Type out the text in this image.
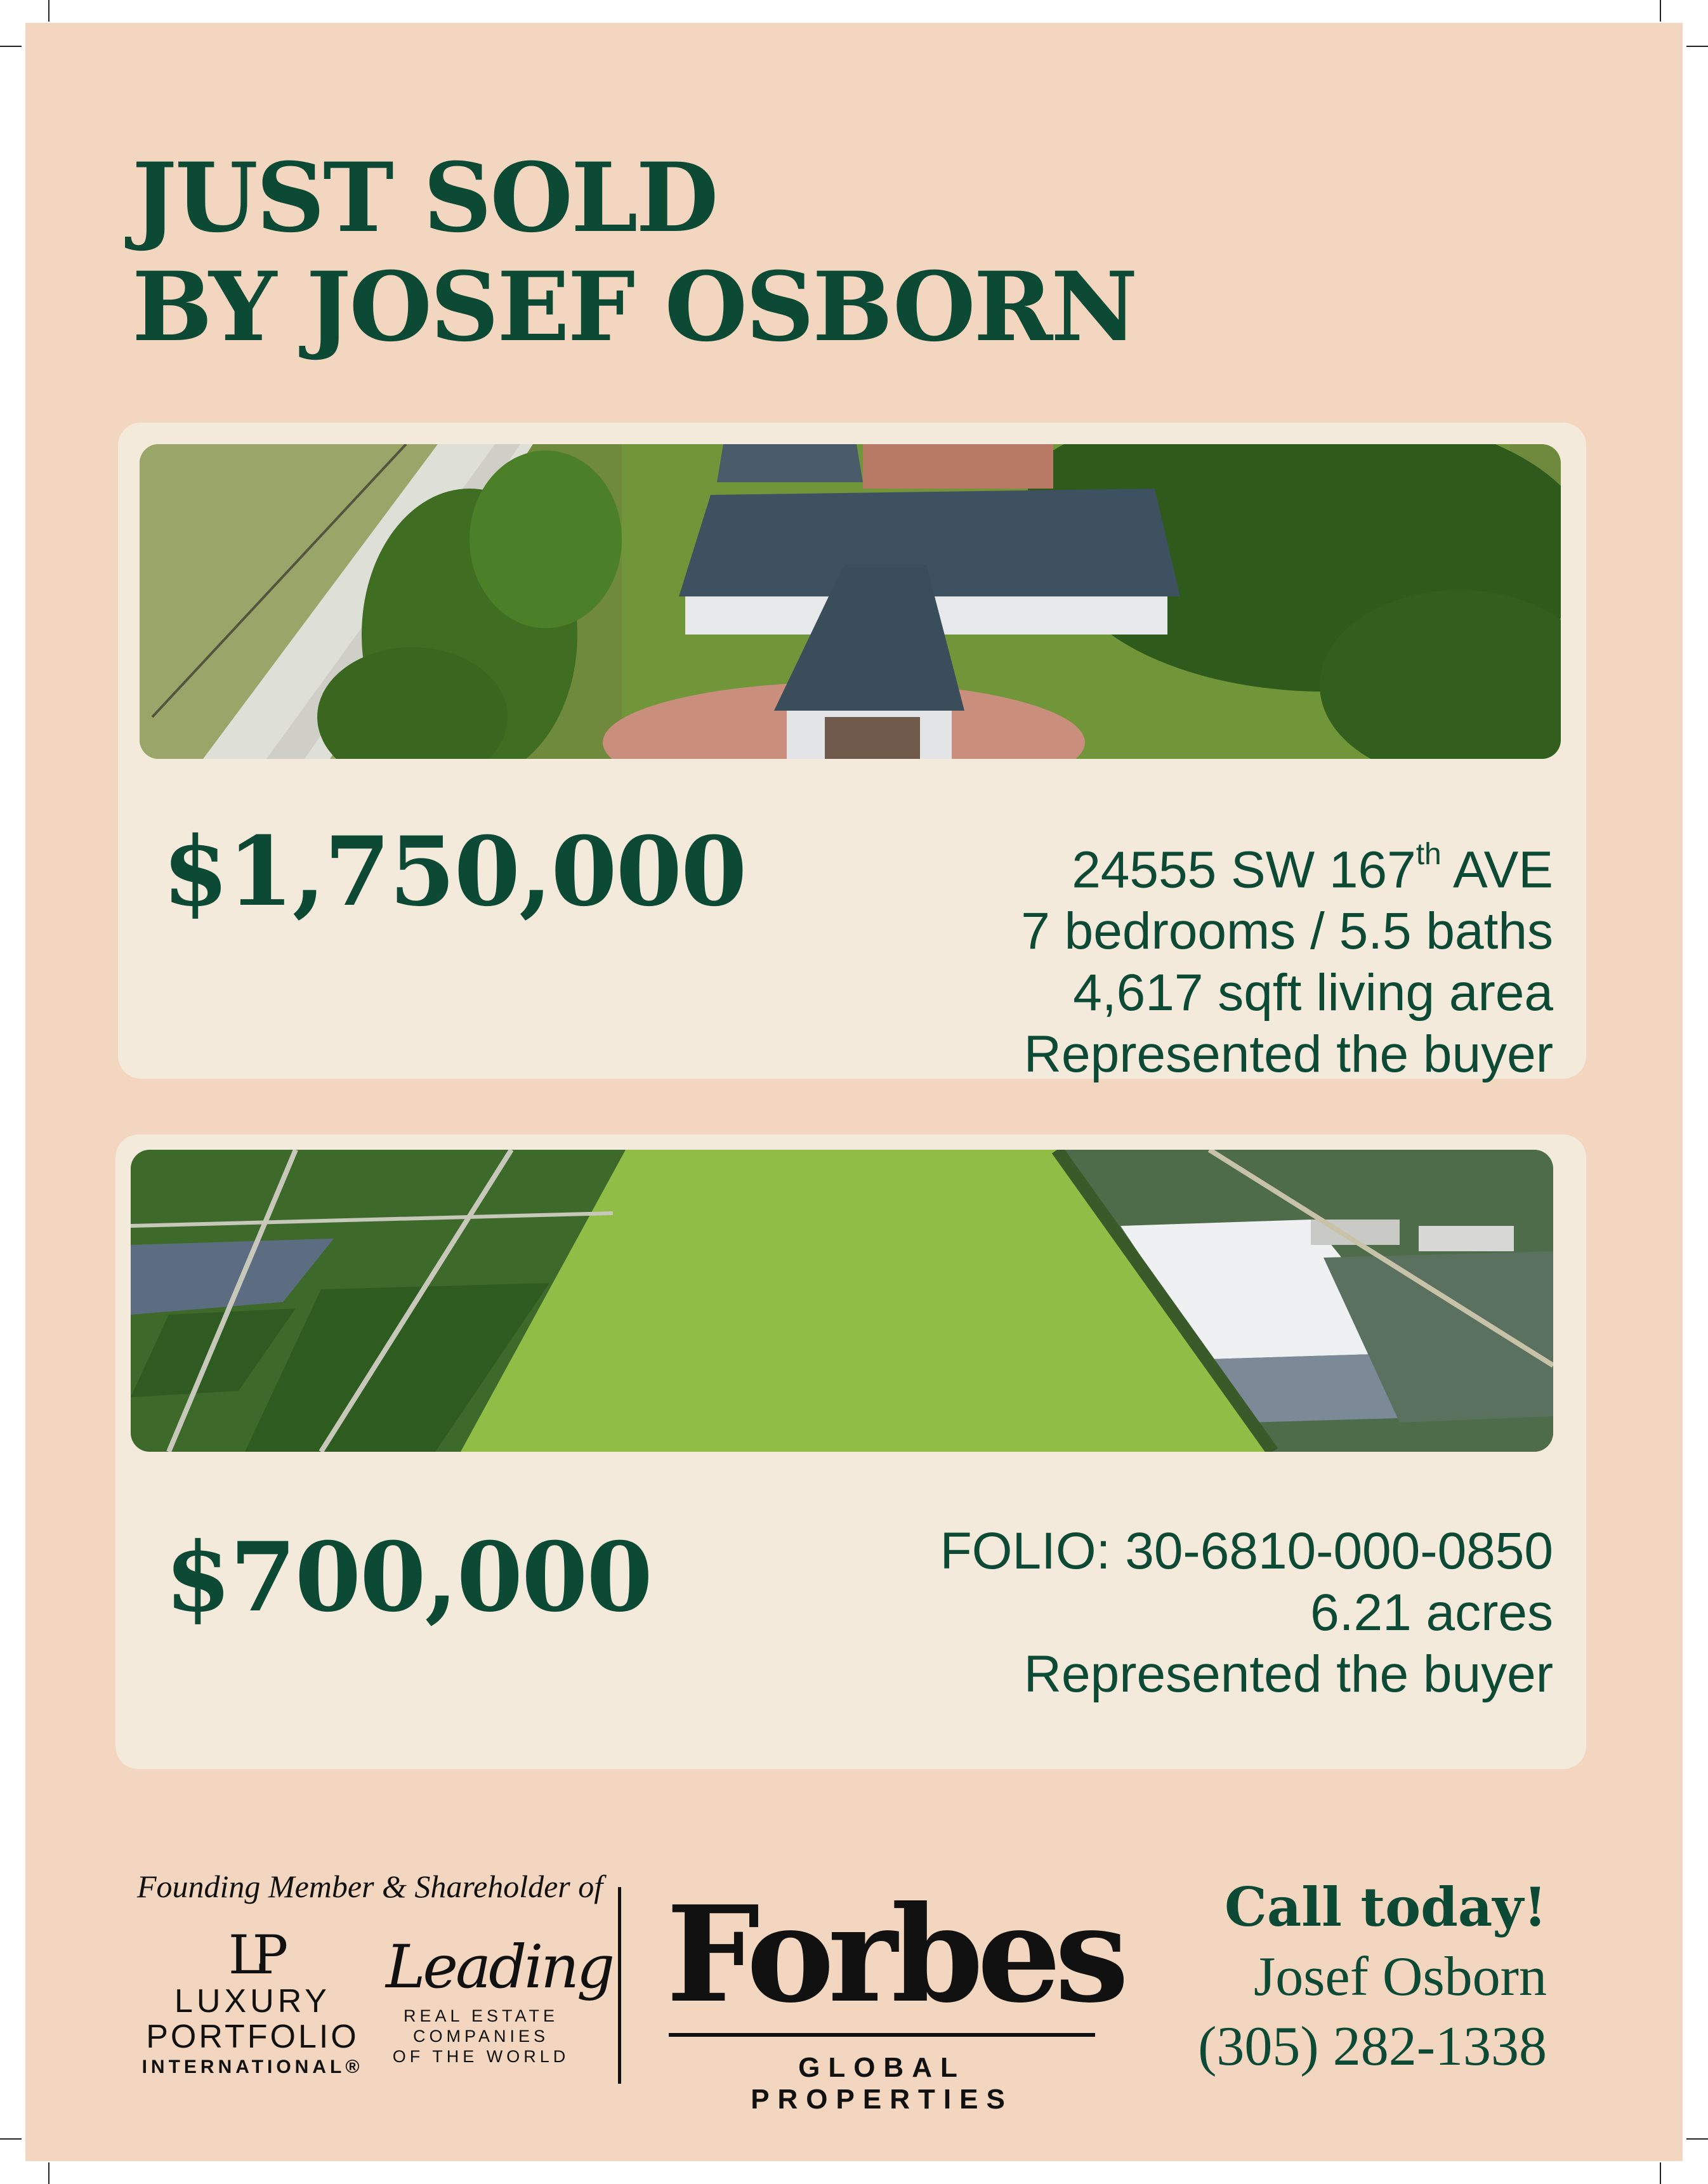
JUST SOLD
BY JOSEF OSBORN

$1,750,000	24555 SW 167th AVE
7 bedrooms / 5.5 baths
4,617 sqft living area
Represented the buyer

$700,000	FOLIO: 30-6810-000-0850
6.21 acres
Represented the buyer

Founding Member & Shareholder of

LP
LUXURY
PORTFOLIO
INTERNATIONAL®
Leading
REAL ESTATE
COMPANIES
OF THE WORLD
Forbes
GLOBAL PROPERTIES
Call today!
Josef Osborn
(305) 282-1338
